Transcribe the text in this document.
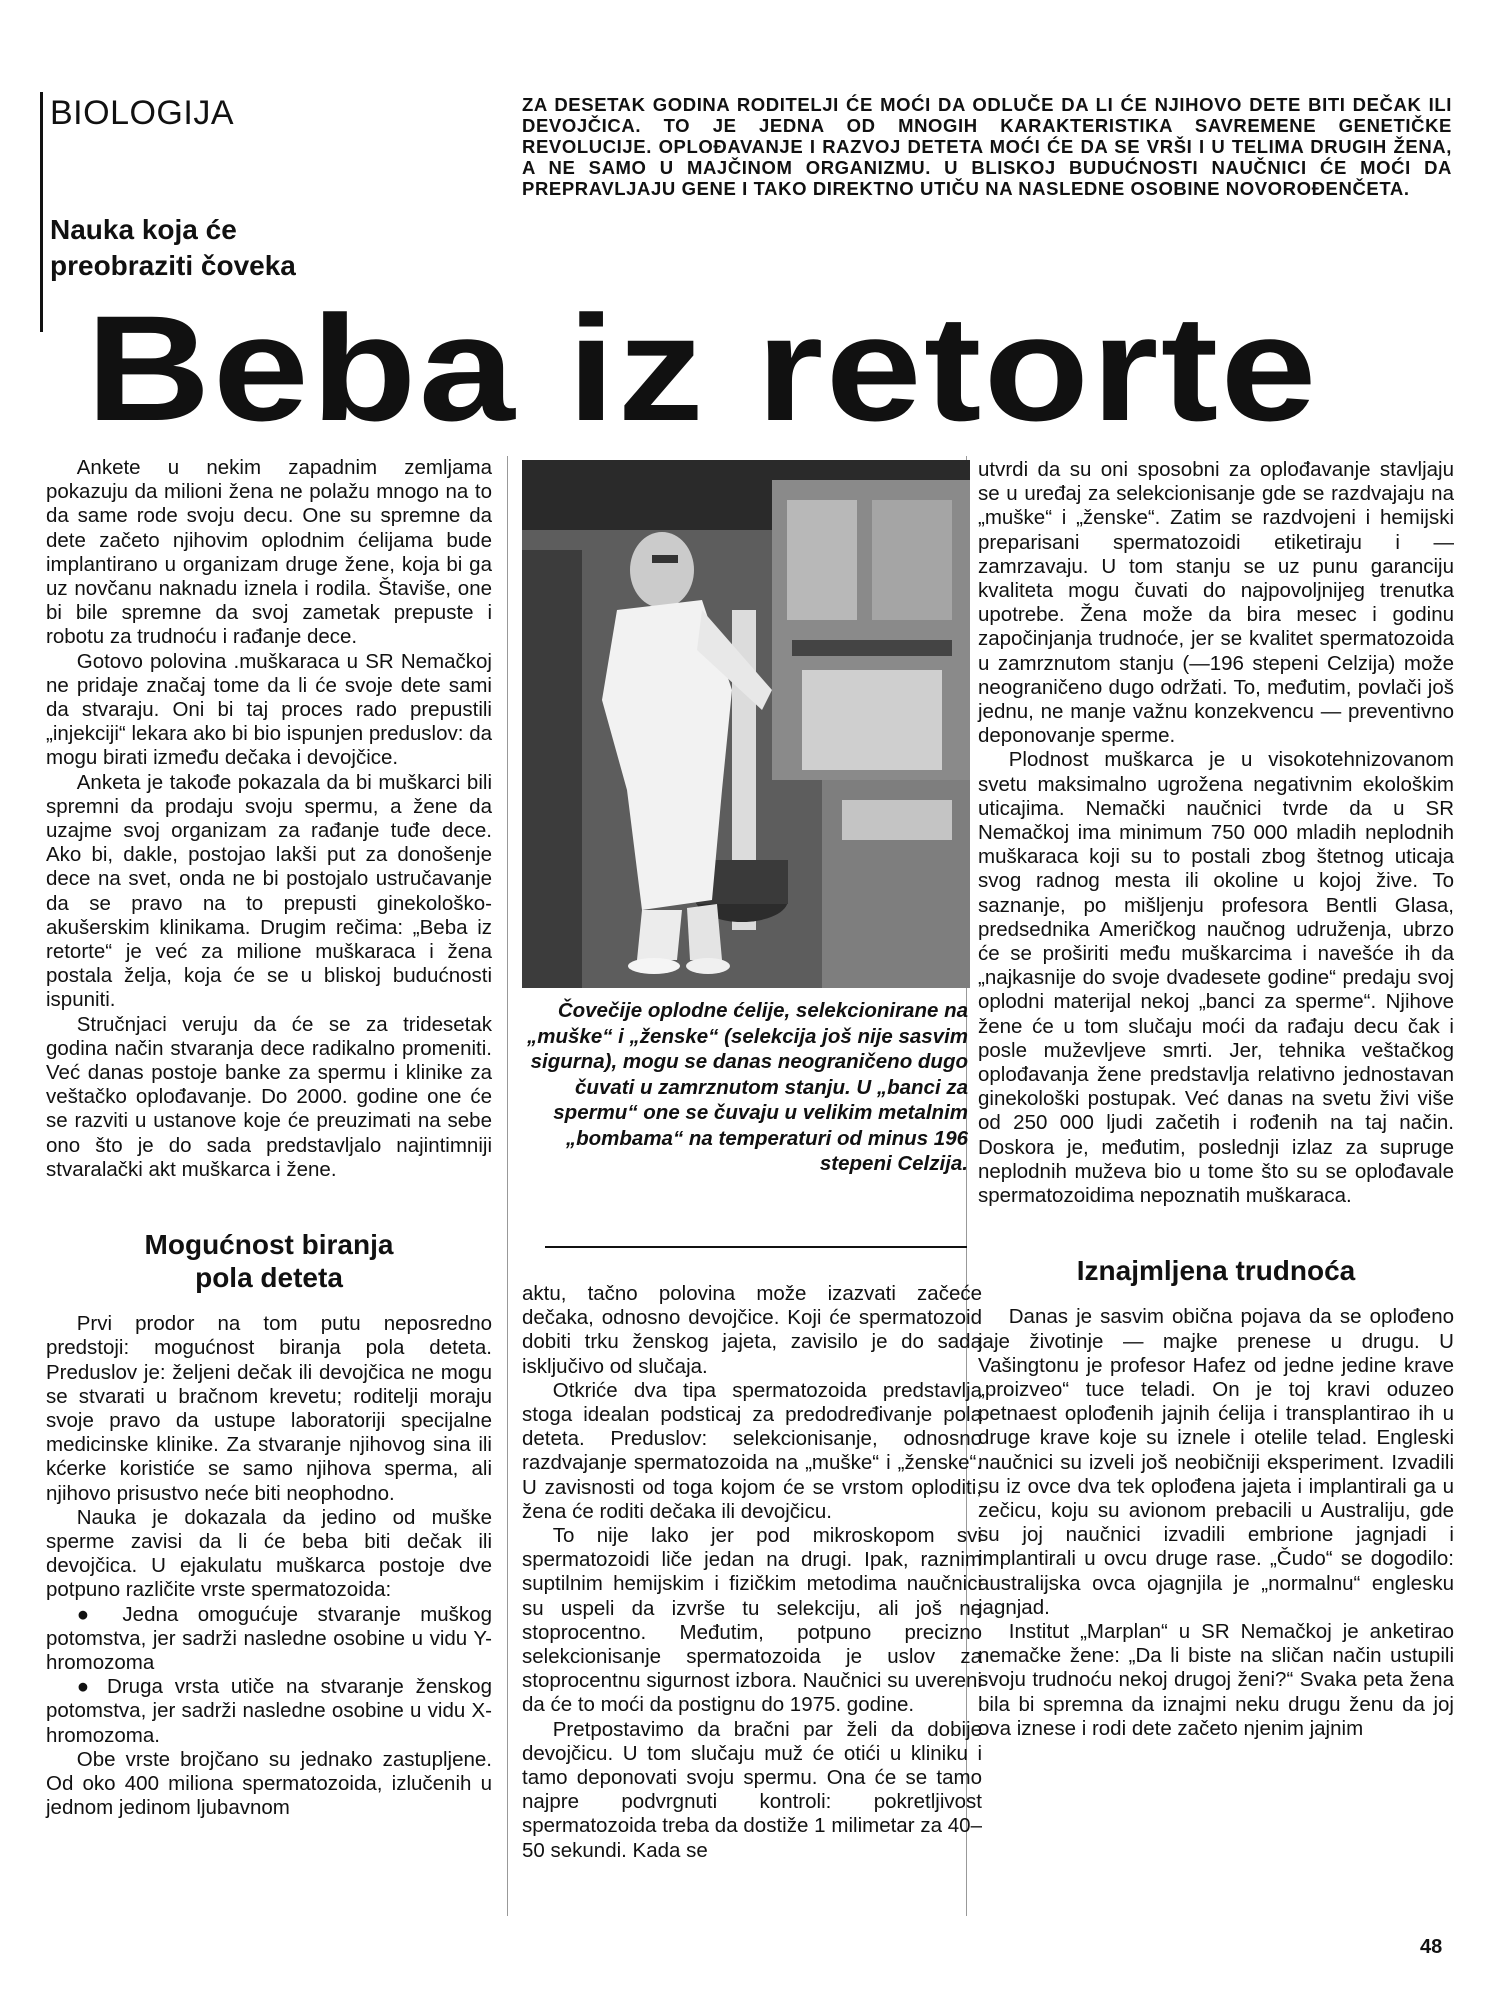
BIOLOGIJA
Nauka koja će
preobraziti čoveka
ZA DESETAK GODINA RODITELJI ĆE MOĆI DA ODLUČE DA LI ĆE NJIHOVO DETE BITI DEČAK ILI DEVOJČICA. TO JE JEDNA OD MNOGIH KARAKTERISTIKA SAVREMENE GENETIČKE REVOLUCIJE. OPLOĐAVANJE I RAZVOJ DETETA MOĆI ĆE DA SE VRŠI I U TELIMA DRUGIH ŽENA, A NE SAMO U MAJČINOM ORGANIZMU. U BLISKOJ BUDUĆNOSTI NAUČNICI ĆE MOĆI DA PREPRAVLJAJU GENE I TAKO DIREKTNO UTIČU NA NASLEDNE OSOBINE NOVOROĐENČETA.
Beba iz retorte

Ankete u nekim zapadnim zemljama pokazuju da milioni žena ne polažu mnogo na to da same rode svoju decu. One su spremne da dete začeto njihovim oplodnim ćelijama bude implantirano u organizam druge žene, koja bi ga uz novčanu naknadu iznela i rodila. Štaviše, one bi bile spremne da svoj zametak prepuste i robotu za trudnoću i rađanje dece.

Gotovo polovina .muškaraca u SR Nemačkoj ne pridaje značaj tome da li će svoje dete sami da stvaraju. Oni bi taj proces rado prepustili „injekciji“ lekara ako bi bio ispunjen preduslov: da mogu birati između dečaka i devojčice.

Anketa je takođe pokazala da bi muškarci bili spremni da prodaju svoju spermu, a žene da uzajme svoj organizam za rađanje tuđe dece. Ako bi, dakle, postojao lakši put za donošenje dece na svet, onda ne bi postojalo ustručavanje da se pravo na to prepusti ginekološko-akušerskim klinikama. Drugim rečima: „Beba iz retorte“ je već za milione muškaraca i žena postala želja, koja će se u bliskoj budućnosti ispuniti.

Stručnjaci veruju da će se za tridesetak godina način stvaranja dece radikalno promeniti. Već danas postoje banke za spermu i klinike za veštačko oplođavanje. Do 2000. godine one će se razviti u ustanove koje će preuzimati na sebe ono što je do sada predstavljalo najintimniji stvaralački akt muškarca i žene.

Mogućnost biranja
pola deteta

Prvi prodor na tom putu neposredno predstoji: mogućnost biranja pola deteta. Preduslov je: željeni dečak ili devojčica ne mogu se stvarati u bračnom krevetu; roditelji moraju svoje pravo da ustupe laboratoriji specijalne medicinske klinike. Za stvaranje njihovog sina ili kćerke koristiće se samo njihova sperma, ali njihovo prisustvo neće biti neophodno.

Nauka je dokazala da jedino od muške sperme zavisi da li će beba biti dečak ili devojčica. U ejakulatu muškarca postoje dve potpuno različite vrste spermatozoida:

● Jedna omogućuje stvaranje muškog potomstva, jer sadrži nasledne osobine u vidu Y-hromozoma

● Druga vrsta utiče na stvaranje ženskog potomstva, jer sadrži nasledne osobine u vidu X-hromozoma.

Obe vrste brojčano su jednako zastupljene. Od oko 400 miliona spermatozoida, izlučenih u jednom jedinom ljubavnom

Čovečije oplodne ćelije, selekcionirane na „muške“ i „ženske“ (selekcija još nije sasvim sigurna), mogu se danas neograničeno dugo čuvati u zamrznutom stanju. U „banci za spermu“ one se čuvaju u velikim metalnim „bombama“ na temperaturi od minus 196 stepeni Celzija.

aktu, tačno polovina može izazvati začeće dečaka, odnosno devojčice. Koji će spermatozoid dobiti trku ženskog jajeta, zavisilo je do sada isključivo od slučaja.

Otkriće dva tipa spermatozoida predstavlja stoga idealan podsticaj za predodređivanje pola deteta. Preduslov: selekcionisanje, odnosno razdvajanje spermatozoida na „muške“ i „ženske“. U zavisnosti od toga kojom će se vrstom oploditi, žena će roditi dečaka ili devojčicu.

To nije lako jer pod mikroskopom svi spermatozoidi liče jedan na drugi. Ipak, raznim suptilnim hemijskim i fizičkim metodima naučnici su uspeli da izvrše tu selekciju, ali još ne stoprocentno. Međutim, potpuno precizno selekcionisanje spermatozoida je uslov za stoprocentnu sigurnost izbora. Naučnici su uvereni da će to moći da postignu do 1975. godine.

Pretpostavimo da bračni par želi da dobije devojčicu. U tom slučaju muž će otići u kliniku i tamo deponovati svoju spermu. Ona će se tamo najpre podvrgnuti kontroli: pokretljivost spermatozoida treba da dostiže 1 milimetar za 40–50 sekundi. Kada se

utvrdi da su oni sposobni za oplođavanje stavljaju se u uređaj za selekcionisanje gde se razdvajaju na „muške“ i „ženske“. Zatim se razdvojeni i hemijski preparisani spermatozoidi etiketiraju i — zamrzavaju. U tom stanju se uz punu garanciju kvaliteta mogu čuvati do najpovoljnijeg trenutka upotrebe. Žena može da bira mesec i godinu započinjanja trudnoće, jer se kvalitet spermatozoida u zamrznutom stanju (—196 stepeni Celzija) može neograničeno dugo održati. To, međutim, povlači još jednu, ne manje važnu konzekvencu — preventivno deponovanje sperme.

Plodnost muškarca je u visokotehnizovanom svetu maksimalno ugrožena negativnim ekološkim uticajima. Nemački naučnici tvrde da u SR Nemačkoj ima minimum 750 000 mladih neplodnih muškaraca koji su to postali zbog štetnog uticaja svog radnog mesta ili okoline u kojoj žive. To saznanje, po mišljenju profesora Bentli Glasa, predsednika Američkog naučnog udruženja, ubrzo će se proširiti među muškarcima i navešće ih da „najkasnije do svoje dvadesete godine“ predaju svoj oplodni materijal nekoj „banci za sperme“. Njihove žene će u tom slučaju moći da rađaju decu čak i posle muževljeve smrti. Jer, tehnika veštačkog oplođavanja žene predstavlja relativno jednostavan ginekološki postupak. Već danas na svetu živi više od 250 000 ljudi začetih i rođenih na taj način. Doskora je, međutim, poslednji izlaz za supruge neplodnih muževa bio u tome što su se oplođavale spermatozoidima nepoznatih muškaraca.

Iznajmljena trudnoća

Danas je sasvim obična pojava da se oplođeno jaje životinje — majke prenese u drugu. U Vašingtonu je profesor Hafez od jedne jedine krave „proizveo“ tuce teladi. On je toj kravi oduzeo petnaest oplođenih jajnih ćelija i transplantirao ih u druge krave koje su iznele i otelile telad. Engleski naučnici su izveli još neobičniji eksperiment. Izvadili su iz ovce dva tek oplođena jajeta i implantirali ga u zečicu, koju su avionom prebacili u Australiju, gde su joj naučnici izvadili embrione jagnjadi i implantirali u ovcu druge rase. „Čudo“ se dogodilo: australijska ovca ojagnjila je „normalnu“ englesku jagnjad.

Institut „Marplan“ u SR Nemačkoj je anketirao nemačke žene: „Da li biste na sličan način ustupili svoju trudnoću nekoj drugoj ženi?“ Svaka peta žena bila bi spremna da iznajmi neku drugu ženu da joj ova iznese i rodi dete začeto njenim jajnim

48
